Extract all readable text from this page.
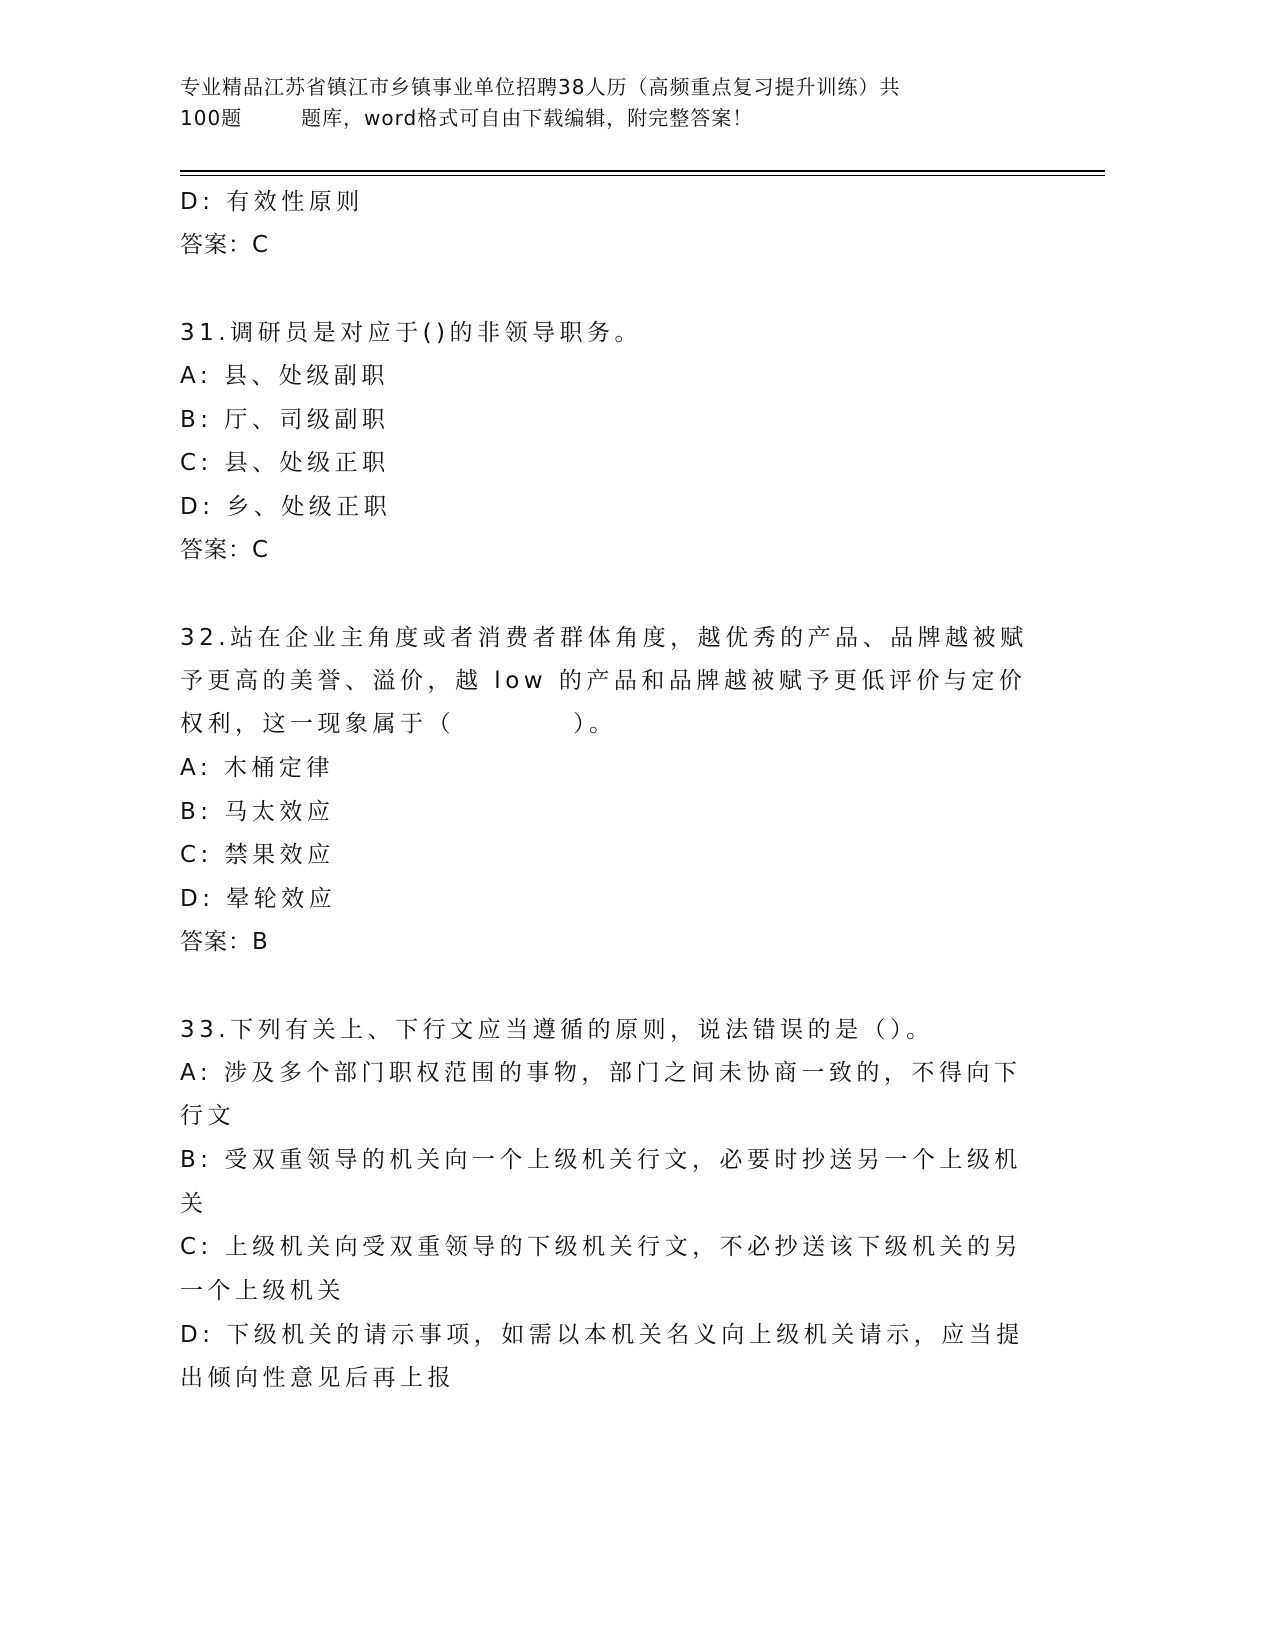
专业精品江苏省镇江市乡镇事业单位招聘38人历（高频重点复习提升训练）共
100题        题库，word格式可自由下载编辑，附完整答案！
D: 有效性原则
答案：C
31.调研员是对应于()的非领导职务。
A: 县、处级副职
B: 厅、司级副职
C: 县、处级正职
D: 乡、处级正职
答案：C
32.站在企业主角度或者消费者群体角度，越优秀的产品、品牌越被赋
予更高的美誉、溢价，越 low 的产品和品牌越被赋予更低评价与定价
权利，这一现象属于（          ）。
A: 木桶定律
B: 马太效应
C: 禁果效应
D: 晕轮效应
答案：B
33.下列有关上、下行文应当遵循的原则，说法错误的是（）。
A: 涉及多个部门职权范围的事物，部门之间未协商一致的，不得向下
行文
B: 受双重领导的机关向一个上级机关行文，必要时抄送另一个上级机
关
C: 上级机关向受双重领导的下级机关行文，不必抄送该下级机关的另
一个上级机关
D: 下级机关的请示事项，如需以本机关名义向上级机关请示，应当提
出倾向性意见后再上报
